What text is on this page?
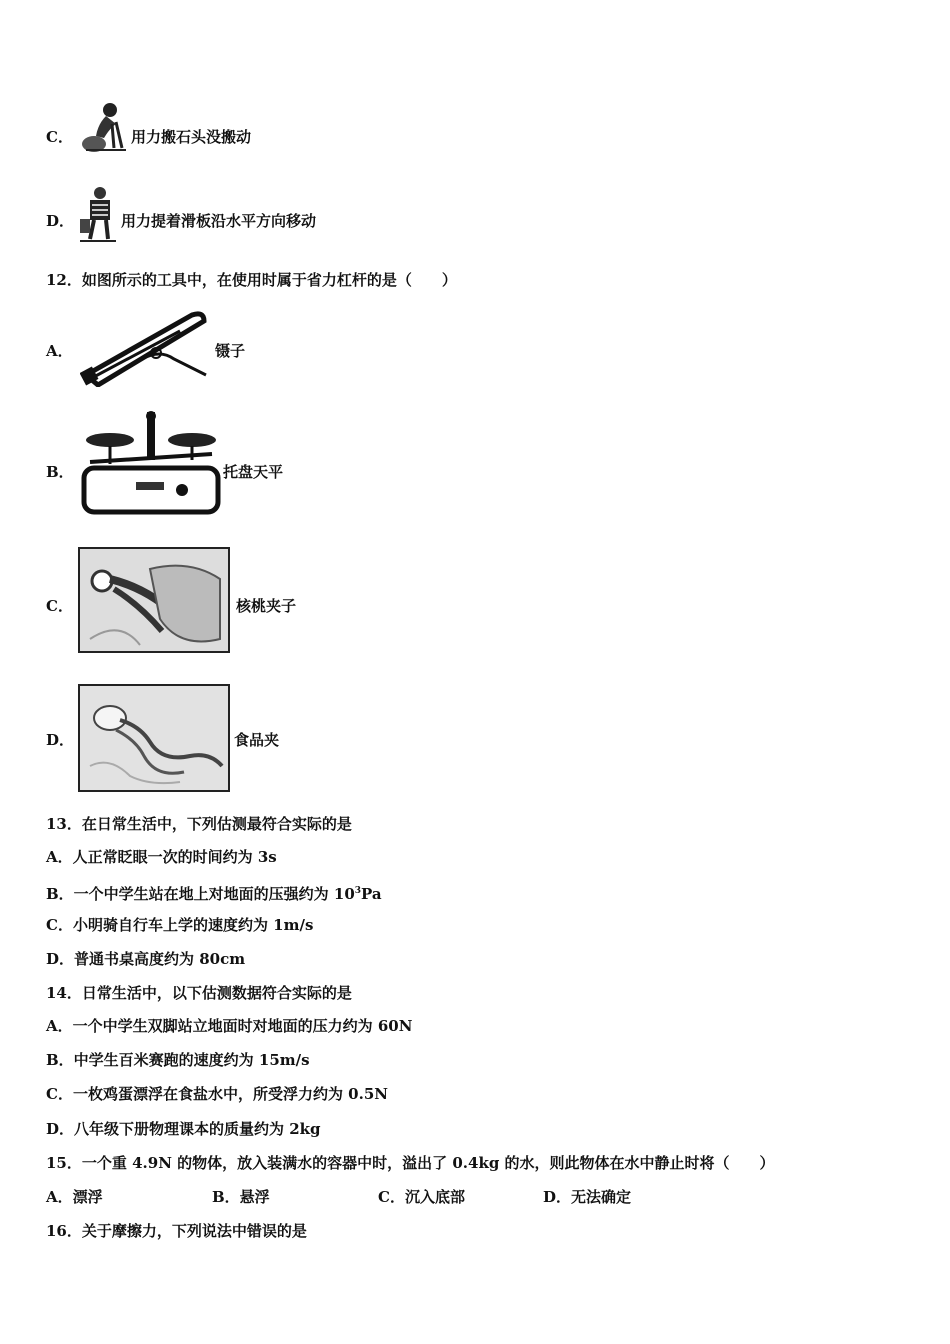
C．	用力搬石头没搬动
D．	用力提着滑板沿水平方向移动
12．如图所示的工具中，在使用时属于省力杠杆的是（　　）
A．	镊子
B．	托盘天平
C．	核桃夹子
D．	食品夹
13．在日常生活中，下列估测最符合实际的是
A．人正常眨眼一次的时间约为 3s
B．一个中学生站在地上对地面的压强约为 $10^3Pa$
C．小明骑自行车上学的速度约为 1m/s
D．普通书桌高度约为 80cm
14．日常生活中，以下估测数据符合实际的是
A．一个中学生双脚站立地面时对地面的压力约为 60N
B．中学生百米赛跑的速度约为 15m/s
C．一枚鸡蛋漂浮在食盐水中，所受浮力约为 0.5N
D．八年级下册物理课本的质量约为 2kg
15．一个重 4.9N 的物体，放入装满水的容器中时，溢出了 0.4kg 的水，则此物体在水中静止时将（　　）
A．漂浮	B．悬浮	C．沉入底部	D．无法确定
16．关于摩擦力，下列说法中错误的是
